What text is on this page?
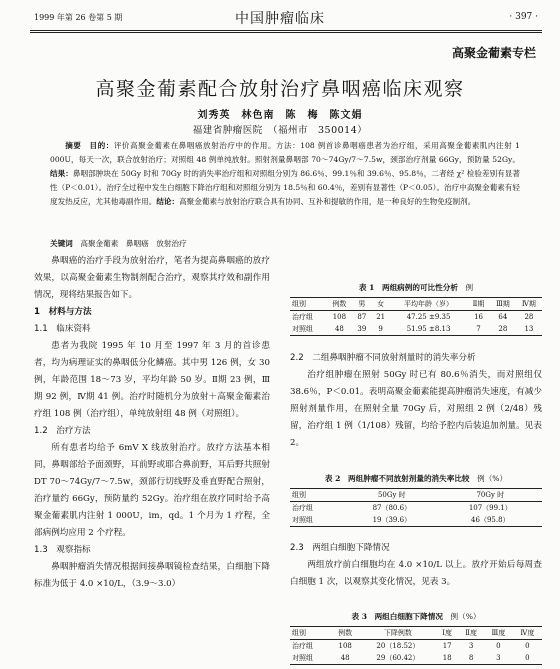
1999 年第 26 卷第 5 期	中国肿瘤临床	· 397 ·
高聚金葡素专栏
高聚金葡素配合放射治疗鼻咽癌临床观察
刘秀英　林色南　陈　梅　陈文娟
福建省肿瘤医院　（福州市　350014）
摘要　目的：评价高聚金葡素在鼻咽癌放射治疗中的作用。方法：108 例首诊鼻咽癌患者为治疗组，采用高聚金葡素肌内注射 1 000U，每天一次，联合放射治疗；对照组 48 例单纯放射。照射剂量鼻咽部 70～74Gy/7～7.5w，颈部治疗剂量 66Gy，预防量 52Gy。结果：鼻咽部肿块在 50Gy 时和 70Gy 时的消失率治疗组和对照组分别为 86.6％、99.1％和 39.6％、95.8％，二者经 χ² 检验差别有显著性（P＜0.01）。治疗全过程中发生白细胞下降治疗组和对照组分别为 18.5％和 60.4％，差别有显著性（P＜0.05）。治疗中高聚金葡素有轻度发热反应，尤其他毒副作用。结论：高聚金葡素与放射治疗联合具有协同、互补和提敏的作用，是一种良好的生物免疫制剂。
关键词　 高聚金葡素　鼻咽癌　放射治疗

鼻咽癌的治疗手段为放射治疗，笔者为提高鼻咽癌的放疗效果，以高聚金葡素生物制剂配合治疗，观察其疗效和副作用情况，现将结果报告如下。

1　材料与方法

1.1　临床资料

患者为我院 1995 年 10 月至 1997 年 3 月的首诊患者，均为病理证实的鼻咽低分化鳞癌。其中男 126 例，女 30 例，年龄范围 18～73 岁，平均年龄 50 岁。Ⅱ期 23 例，Ⅲ期 92 例，Ⅳ期 41 例。治疗时随机分为放射＋高聚金葡素治疗组 108 例（治疗组），单纯放射组 48 例（对照组）。

1.2　治疗方法

所有患者均给予 6mV X 线放射治疗。放疗方法基本相同，鼻咽部给予面颈野，耳前野或耶合鼻前野，耳后野共照射 DT 70～74Gy/7～7.5w，颈部行切线野及垂直野配合照射，治疗量约 66Gy，预防量约 52Gy。治疗组在放疗同时给予高聚金葡素肌内注射 1 000U，im，qd。1 个月为 1 疗程，全部病例均应用 2 个疗程。

1.3　观察指标

鼻咽肿瘤消失情况根据间接鼻咽镜检查结果，白细胞下降标准为低于 4.0 ×10/L，（3.9～3.0）

表 1　两组病例的可比性分析　 例
组别	例数	男	女	平均年龄（岁）	Ⅱ期	Ⅲ期	Ⅳ期
治疗组	108	87	21	47.25 ±9.35	16	64	28
对照组	48	39	9	51.95 ±8.13	7	28	13

2.2　二组鼻咽肿瘤不同放射剂量时的消失率分析

治疗组肿瘤在照射 50Gy 时已有 80.6％消失，而对照组仅 38.6％，P＜0.01。表明高聚金葡素能提高肿瘤消失速度，有减少照射剂量作用，在照射全量 70Gy 后，对照组 2 例（2/48）残留，治疗组 1 例（1/108）残留，均给予腔内后装追加剂量。见表 2。

表 2　两组肿瘤不同放射剂量的消失率比较　 例（%）
组别	50Gy 时	70Gy 时
治疗组	87（80.6）	107（99.1）
对照组	19（39.6）	46（95.8）

2.3　两组白细胞下降情况

两组放疗前白细胞均在 4.0 ×10/L 以上。放疗开始后每周查白细胞 1 次，以观察其变化情况，见表 3。

表 3　两组白细胞下降情况　 例（%）
组别	例数	下降例数	Ⅰ度	Ⅱ度	Ⅲ度	Ⅳ度
治疗组	108	20（18.52）	17	3	0	0
对照组	48	29（60.42）	18	8	3	0
